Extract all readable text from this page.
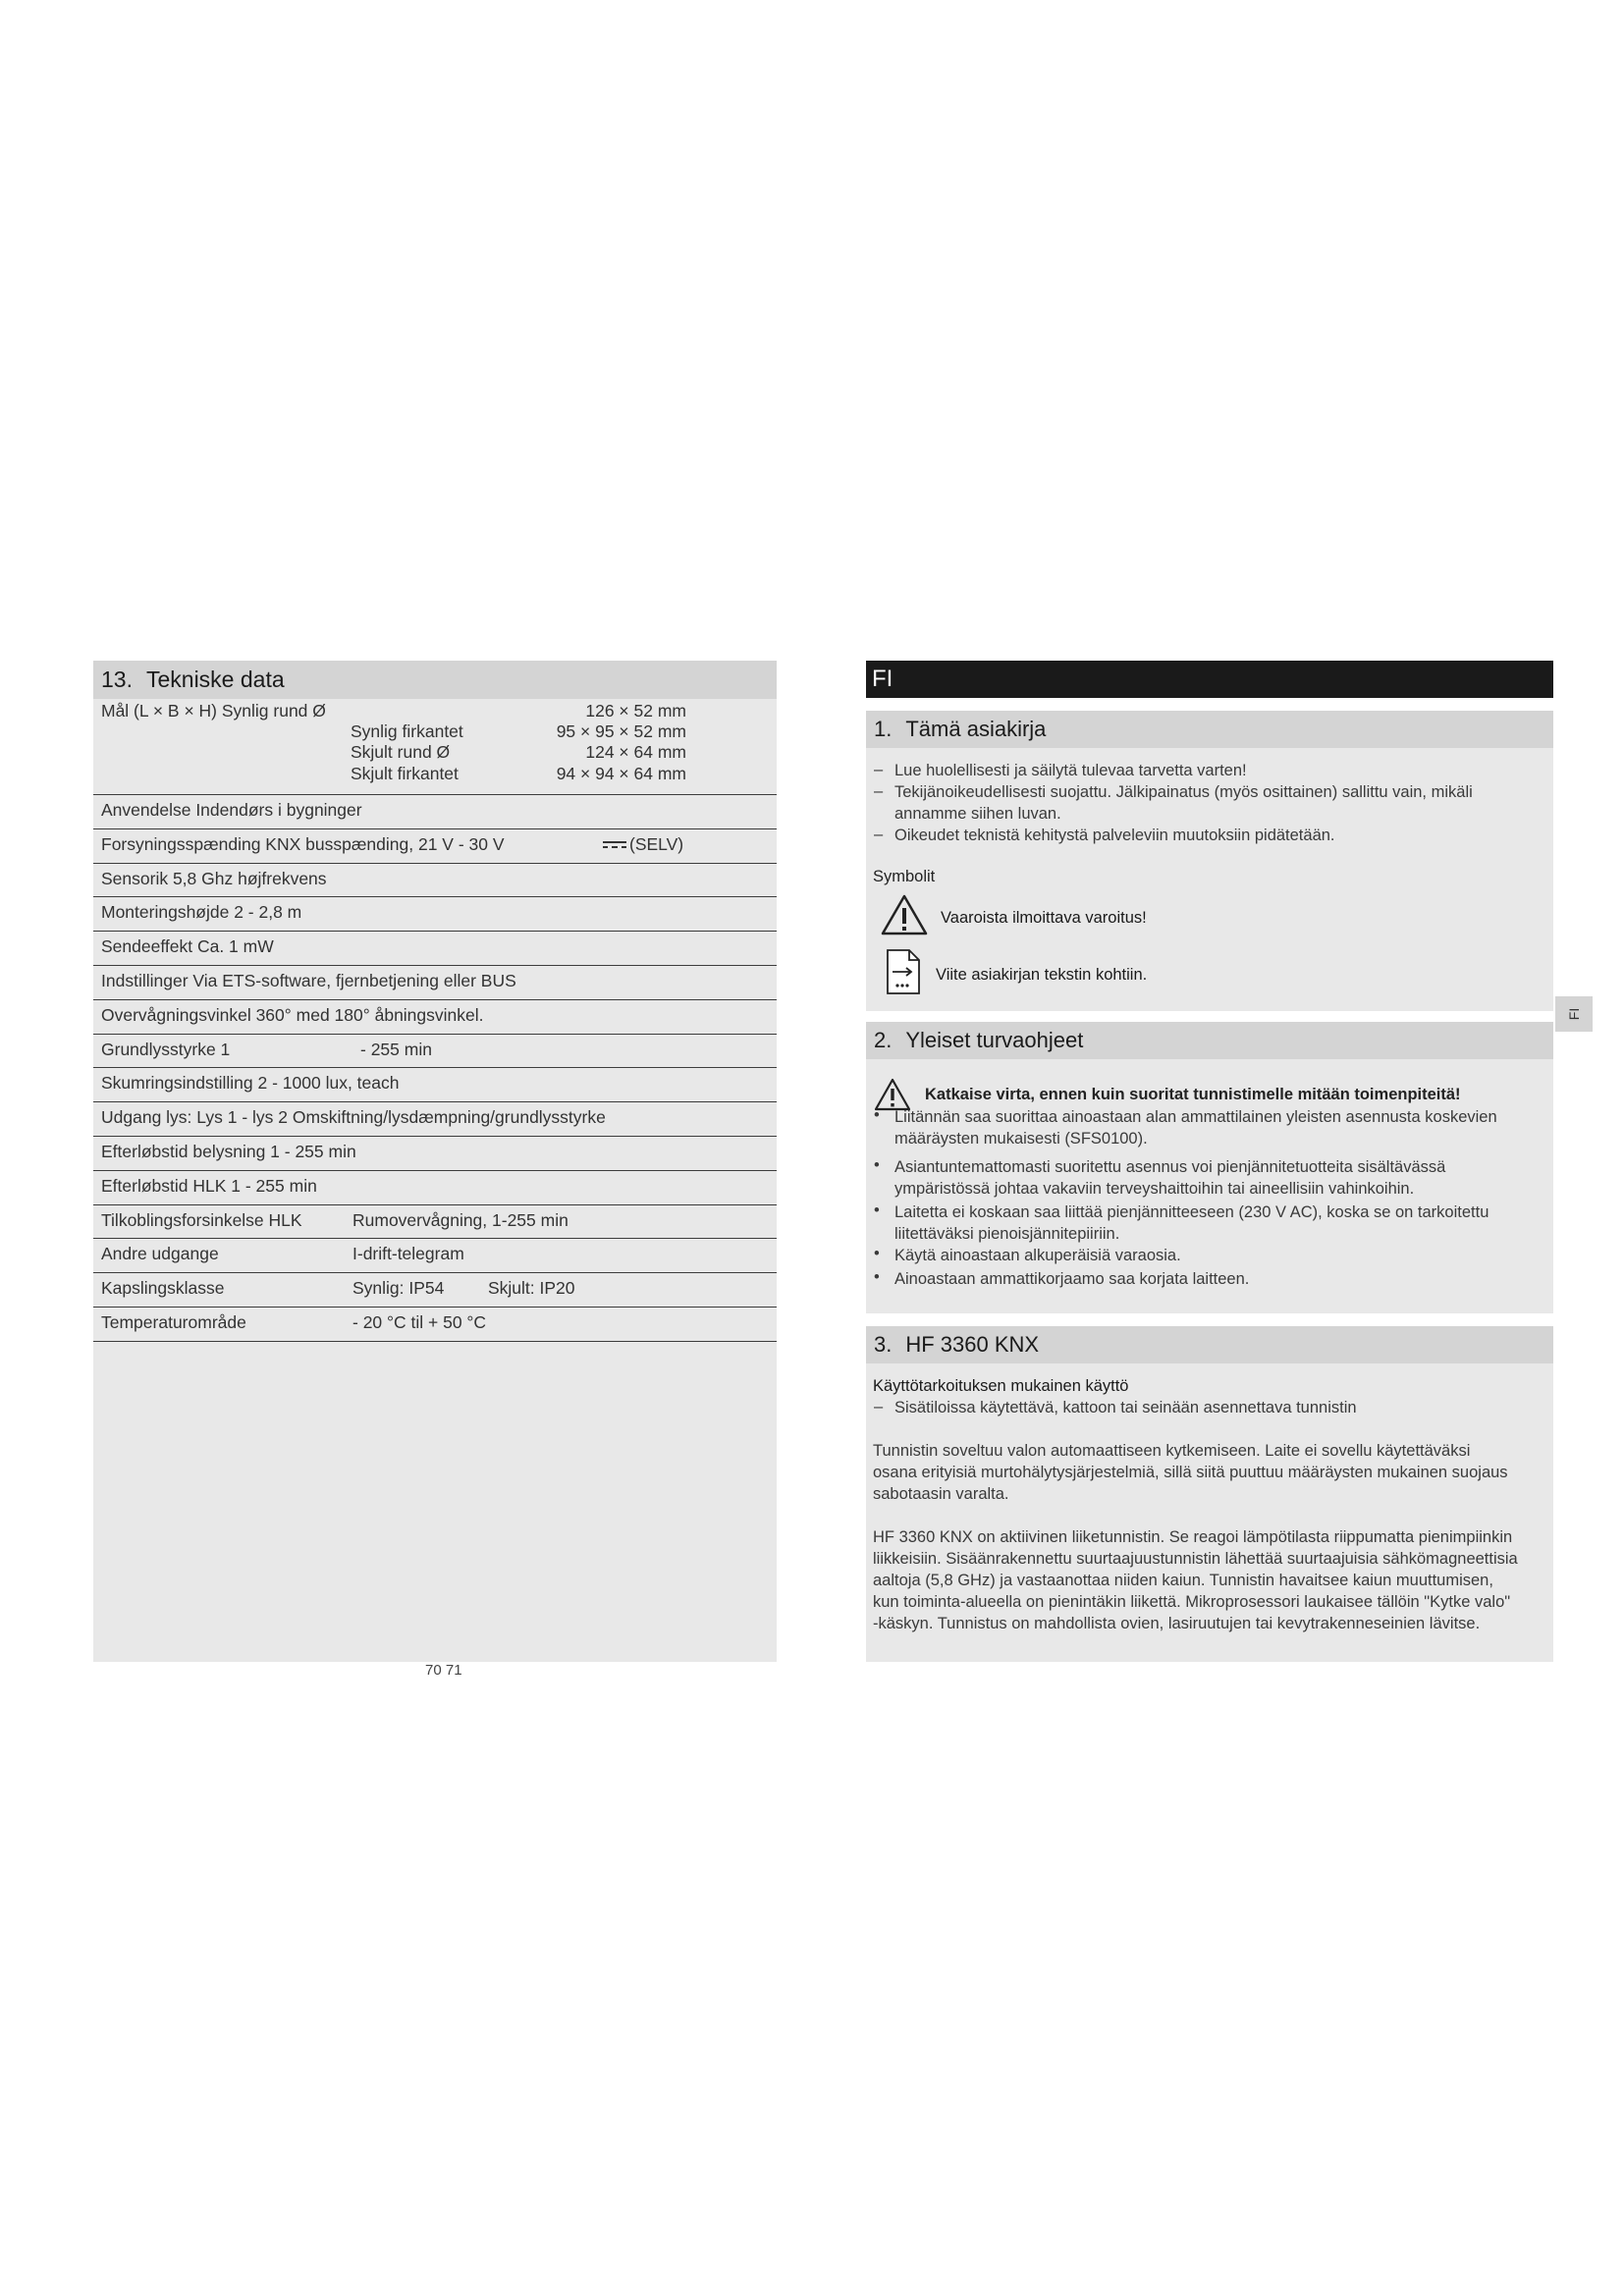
13. Tekniske data
Mål (L × B × H) Synlig rund Ø	126 × 52 mm
Synlig firkantet	95 × 95 × 52 mm
Skjult rund Ø	124 × 64 mm
Skjult firkantet	94 × 94 × 64 mm
Anvendelse Indendørs i bygninger
Forsyningsspænding KNX busspænding, 21 V - 30 V	(SELV)
Sensorik 5,8 Ghz højfrekvens
Monteringshøjde 2 - 2,8 m
Sendeeffekt Ca. 1 mW
Indstillinger Via ETS-software, fjernbetjening eller BUS
Overvågningsvinkel 360° med 180° åbningsvinkel.
Grundlysstyrke 1	- 255 min
Skumringsindstilling 2 - 1000 lux, teach
Udgang lys: Lys 1 - lys 2 Omskiftning/lysdæmpning/grundlysstyrke
Efterløbstid belysning 1 - 255 min
Efterløbstid HLK 1 - 255 min
Tilkoblingsforsinkelse HLK	Rumovervågning, 1-255 min
Andre udgange	I-drift-telegram
Kapslingsklasse	Synlig: IP54	Skjult: IP20
Temperaturområde	- 20 °C til + 50 °C
70 71
FI
1. Tämä asiakirja
– Lue huolellisesti ja säilytä tulevaa tarvetta varten!
– Tekijänoikeudellisesti suojattu. Jälkipainatus (myös osittainen) sallittu vain, mikäli
annamme siihen luvan.
– Oikeudet teknistä kehitystä palveleviin muutoksiin pidätetään.
Symbolit
Vaaroista ilmoittava varoitus!
Viite asiakirjan tekstin kohtiin.
2. Yleiset turvaohjeet
Katkaise virta, ennen kuin suoritat tunnistimelle mitään toimenpiteitä!
• Liitännän saa suorittaa ainoastaan alan ammattilainen yleisten asennusta koskevien
määräysten mukaisesti (SFS0100).
• Asiantuntemattomasti suoritettu asennus voi pienjännitetuotteita sisältävässä
ympäristössä johtaa vakaviin terveyshaittoihin tai aineellisiin vahinkoihin.
• Laitetta ei koskaan saa liittää pienjännitteeseen (230 V AC), koska se on tarkoitettu
liitettäväksi pienoisjännitepiiriin.
• Käytä ainoastaan alkuperäisiä varaosia.
• Ainoastaan ammattikorjaamo saa korjata laitteen.
3. HF 3360 KNX
Käyttötarkoituksen mukainen käyttö
– Sisätiloissa käytettävä, kattoon tai seinään asennettava tunnistin
Tunnistin soveltuu valon automaattiseen kytkemiseen. Laite ei sovellu käytettäväksi
osana erityisiä murtohälytysjärjestelmiä, sillä siitä puuttuu määräysten mukainen suojaus
sabotaasin varalta.
HF 3360 KNX on aktiivinen liiketunnistin. Se reagoi lämpötilasta riippumatta pienimpiinkin
liikkeisiin. Sisäänrakennettu suurtaajuustunnistin lähettää suurtaajuisia sähkömagneettisia
aaltoja (5,8 GHz) ja vastaanottaa niiden kaiun. Tunnistin havaitsee kaiun muuttumisen,
kun toiminta-alueella on pienintäkin liikettä. Mikroprosessori laukaisee tällöin "Kytke valo"
-käskyn. Tunnistus on mahdollista ovien, lasiruutujen tai kevytrakenneseinien lävitse.
FI
